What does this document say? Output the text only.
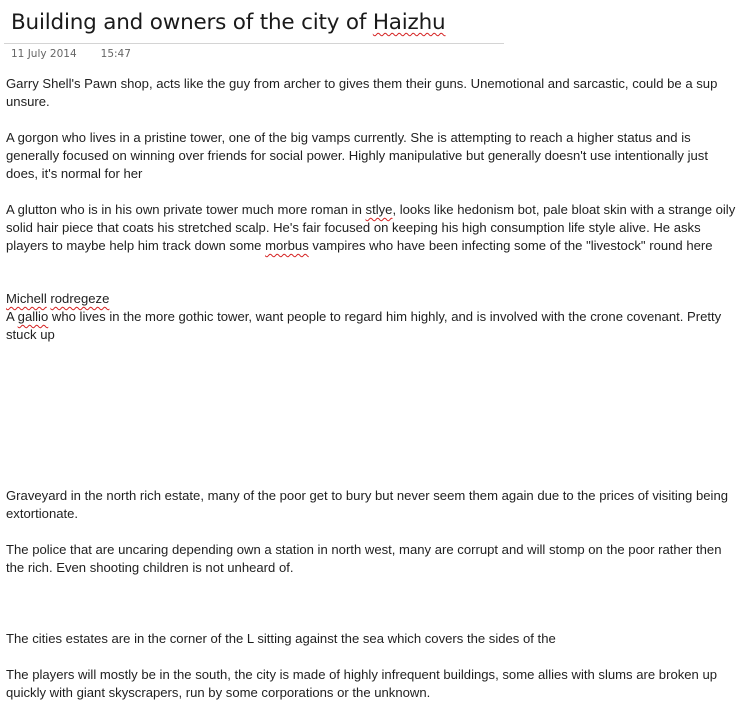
Building and owners of the city of Haizhu
11 July 2014 15:47

Garry Shell's Pawn shop, acts like the guy from archer to gives them their guns. Unemotional and sarcastic, could be a sup unsure.

A gorgon who lives in a pristine tower, one of the big vamps currently. She is attempting to reach a higher status and is generally focused on winning over friends for social power. Highly manipulative but generally doesn't use intentionally just does, it's normal for her

A glutton who is in his own private tower much more roman in stlye, looks like hedonism bot, pale bloat skin with a strange oily solid hair piece that coats his stretched scalp. He's fair focused on keeping his high consumption life style alive. He asks players to maybe help him track down some morbus vampires who have been infecting some of the "livestock" round here

Michell rodregeze

A gallio who lives in the more gothic tower, want people to regard him highly, and is involved with the crone covenant. Pretty stuck up

Graveyard in the north rich estate, many of the poor get to bury but never seem them again due to the prices of visiting being extortionate.

The police that are uncaring depending own a station in north west, many are corrupt and will stomp on the poor rather then the rich. Even shooting children is not unheard of.

The cities estates are in the corner of the L sitting against the sea which covers the sides of the

The players will mostly be in the south, the city is made of highly infrequent buildings, some allies with slums are broken up quickly with giant skyscrapers, run by some corporations or the unknown.
